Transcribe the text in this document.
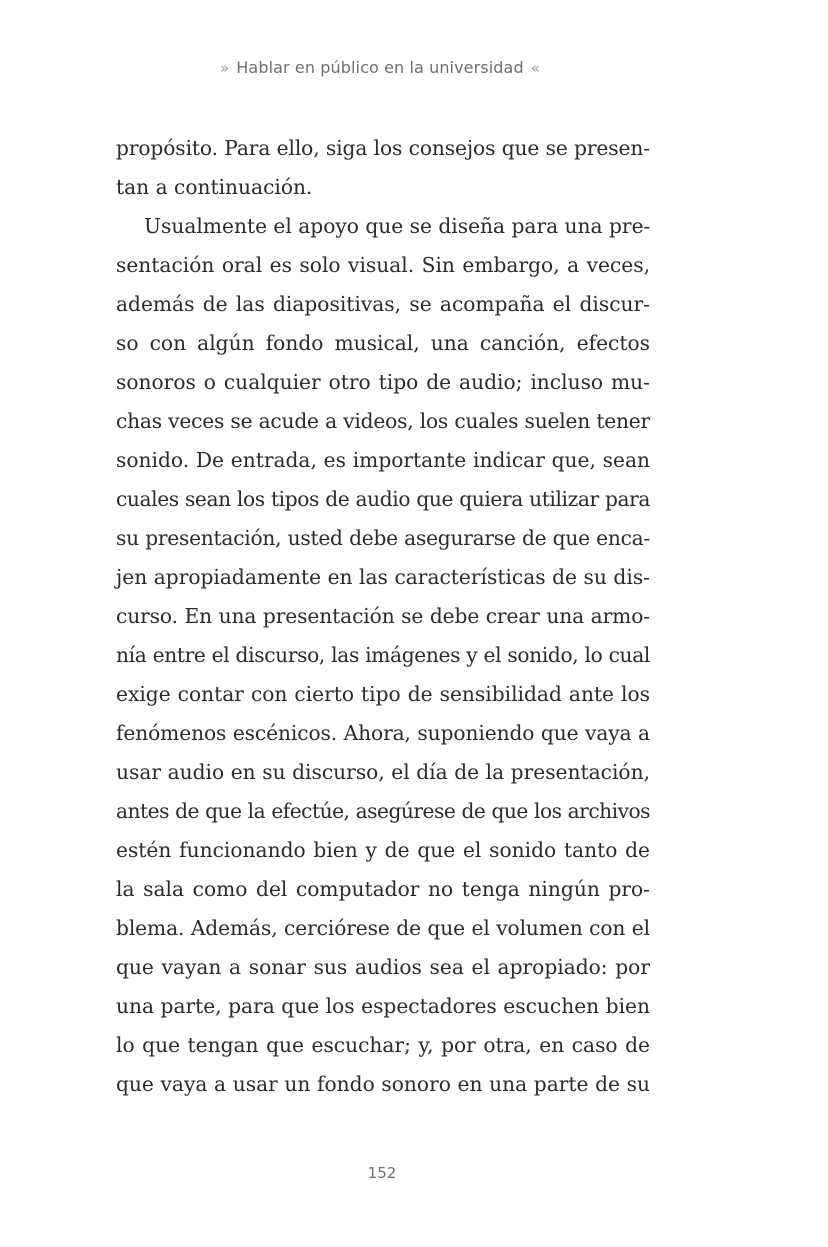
» Hablar en público en la universidad «
propósito. Para ello, siga los consejos que se presen-
tan a continuación.
Usualmente el apoyo que se diseña para una pre-
sentación oral es solo visual. Sin embargo, a veces,
además de las diapositivas, se acompaña el discur-
so con algún fondo musical, una canción, efectos
sonoros o cualquier otro tipo de audio; incluso mu-
chas veces se acude a videos, los cuales suelen tener
sonido. De entrada, es importante indicar que, sean
cuales sean los tipos de audio que quiera utilizar para
su presentación, usted debe asegurarse de que enca-
jen apropiadamente en las características de su dis-
curso. En una presentación se debe crear una armo-
nía entre el discurso, las imágenes y el sonido, lo cual
exige contar con cierto tipo de sensibilidad ante los
fenómenos escénicos. Ahora, suponiendo que vaya a
usar audio en su discurso, el día de la presentación,
antes de que la efectúe, asegúrese de que los archivos
estén funcionando bien y de que el sonido tanto de
la sala como del computador no tenga ningún pro-
blema. Además, cerciórese de que el volumen con el
que vayan a sonar sus audios sea el apropiado: por
una parte, para que los espectadores escuchen bien
lo que tengan que escuchar; y, por otra, en caso de
que vaya a usar un fondo sonoro en una parte de su
152
